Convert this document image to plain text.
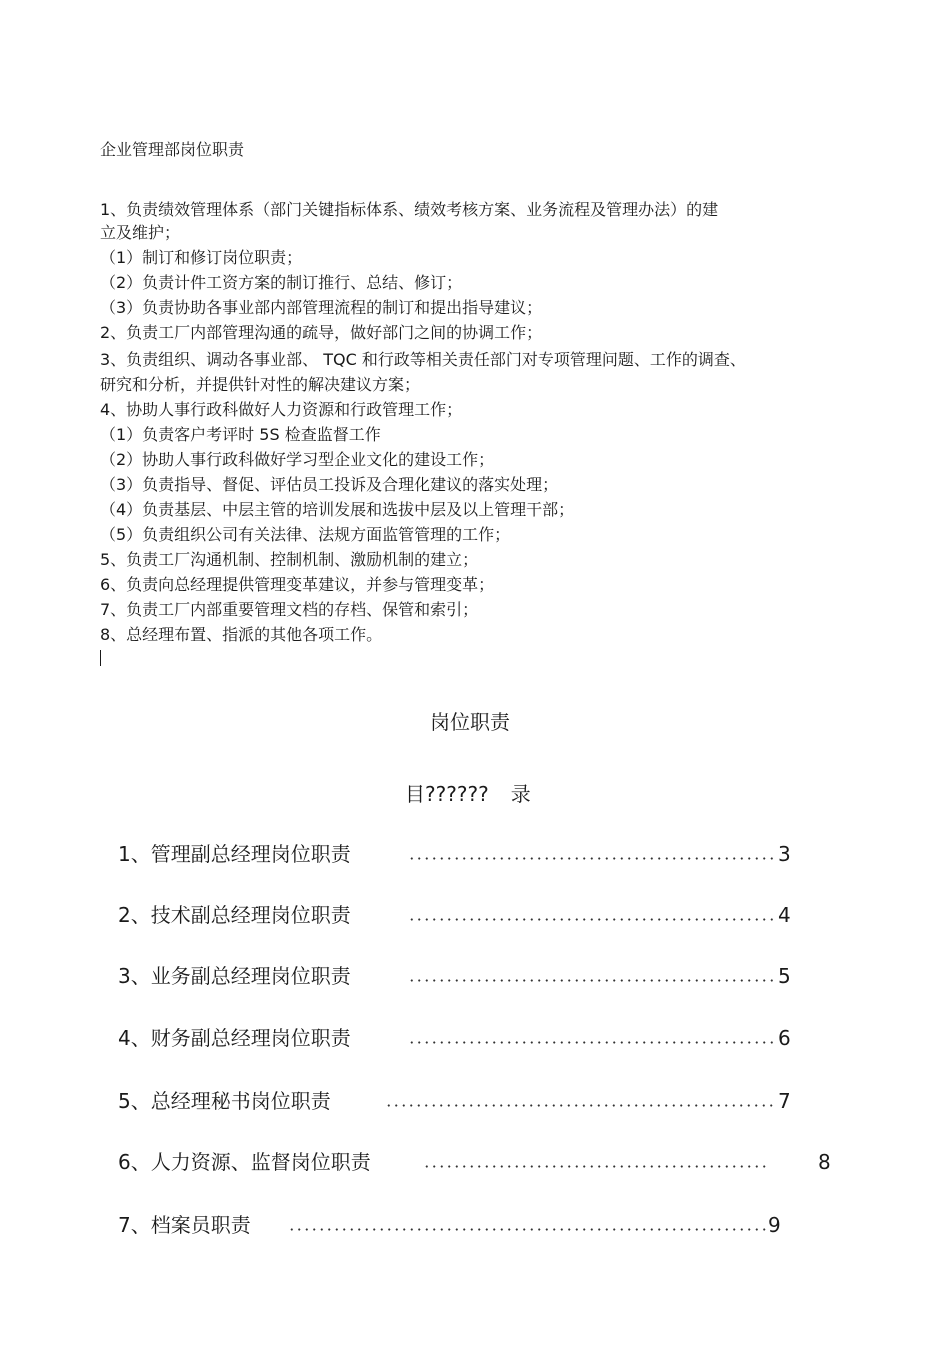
企业管理部岗位职责
1、负责绩效管理体系（部门关键指标体系、绩效考核方案、业务流程及管理办法）的建
立及维护；
（1）制订和修订岗位职责；
（2）负责计件工资方案的制订推行、总结、修订；
（3）负责协助各事业部内部管理流程的制订和提出指导建议；
2、负责工厂内部管理沟通的疏导，做好部门之间的协调工作；
3、负责组织、调动各事业部、 TQC 和行政等相关责任部门对专项管理问题、工作的调查、
研究和分析，并提供针对性的解决建议方案；
4、协助人事行政科做好人力资源和行政管理工作；
（1）负责客户考评时 5S 检查监督工作
（2）协助人事行政科做好学习型企业文化的建设工作；
（3）负责指导、督促、评估员工投诉及合理化建议的落实处理；
（4）负责基层、中层主管的培训发展和选拔中层及以上管理干部；
（5）负责组织公司有关法律、法规方面监管管理的工作；
5、负责工厂沟通机制、控制机制、激励机制的建立；
6、负责向总经理提供管理变革建议，并参与管理变革；
7、负责工厂内部重要管理文档的存档、保管和索引；
8、总经理布置、指派的其他各项工作。
岗位职责
目?????? 录
1、管理副总经理岗位职责	3
2、技术副总经理岗位职责	4
3、业务副总经理岗位职责	5
4、财务副总经理岗位职责	6
5、总经理秘书岗位职责	7
6、人力资源、监督岗位职责	8
7、档案员职责	9
